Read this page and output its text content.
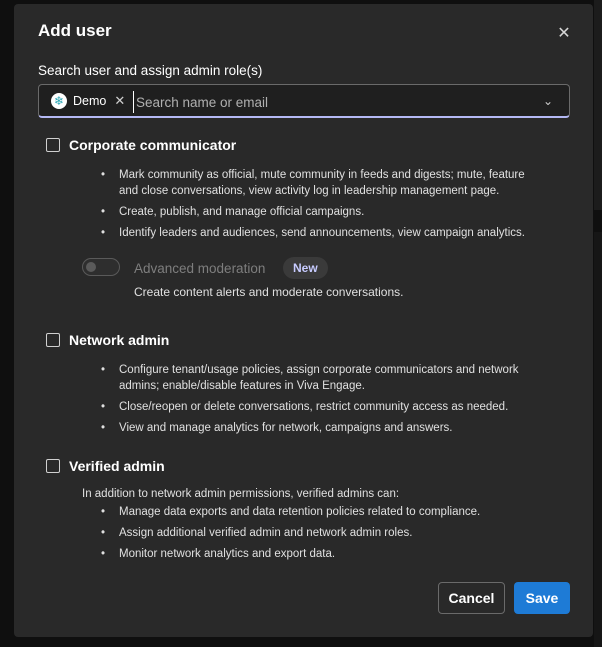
Add user	✕
Search user and assign admin role(s)
❄ Demo ✕
Search name or email	⌄
Corporate communicator
• Mark community as official, mute community in feeds and digests; mute, feature and close conversations, view activity log in leadership management page.
• Create, publish, and manage official campaigns.
• Identify leaders and audiences, send announcements, view campaign analytics.
Advanced moderation	New
Create content alerts and moderate conversations.
Network admin
• Configure tenant/usage policies, assign corporate communicators and network admins; enable/disable features in Viva Engage.
• Close/reopen or delete conversations, restrict community access as needed.
• View and manage analytics for network, campaigns and answers.
Verified admin
In addition to network admin permissions, verified admins can:
• Manage data exports and data retention policies related to compliance.
• Assign additional verified admin and network admin roles.
• Monitor network analytics and export data.
Cancel	Save
